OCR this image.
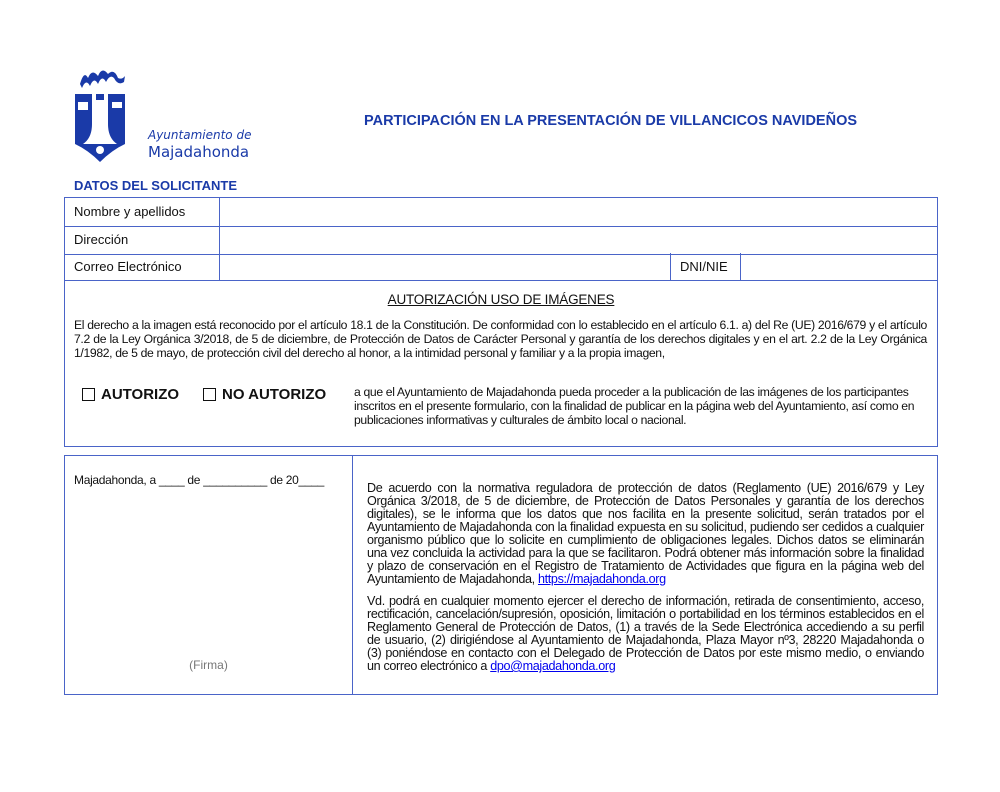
Ayuntamiento de
Majadahonda
PARTICIPACIÓN EN LA PRESENTACIÓN DE VILLANCICOS NAVIDEÑOS
DATOS DEL SOLICITANTE
Nombre y apellidos
Dirección
Correo Electrónico	DNI/NIE
AUTORIZACIÓN USO DE IMÁGENES
El derecho a la imagen está reconocido por el artículo 18.1 de la Constitución. De conformidad con lo establecido en el artículo 6.1. a) del Re (UE) 2016/679 y el artículo 7.2 de la Ley Orgánica 3/2018, de 5 de diciembre, de Protección de Datos de Carácter Personal y garantía de los derechos digitales y en el art. 2.2 de la Ley Orgánica 1/1982, de 5 de mayo, de protección civil del derecho al honor, a la intimidad personal y familiar y a la propia imagen,
AUTORIZO	NO AUTORIZO a que el Ayuntamiento de Majadahonda pueda proceder a la publicación de las imágenes de los participantes inscritos en el presente formulario, con la finalidad de publicar en la página web del Ayuntamiento, así como en publicaciones informativas y culturales de ámbito local o nacional.
Majadahonda, a ____ de __________ de 20____
(Firma)
De acuerdo con la normativa reguladora de protección de datos (Reglamento (UE) 2016/679 y Ley Orgánica 3/2018, de 5 de diciembre, de Protección de Datos Personales y garantía de los derechos digitales), se le informa que los datos que nos facilita en la presente solicitud, serán tratados por el Ayuntamiento de Majadahonda con la finalidad expuesta en su solicitud, pudiendo ser cedidos a cualquier organismo público que lo solicite en cumplimiento de obligaciones legales. Dichos datos se eliminarán una vez concluida la actividad para la que se facilitaron. Podrá obtener más información sobre la finalidad y plazo de conservación en el Registro de Tratamiento de Actividades que figura en la página web del Ayuntamiento de Majadahonda, https://majadahonda.org
Vd. podrá en cualquier momento ejercer el derecho de información, retirada de consentimiento, acceso, rectificación, cancelación/supresión, oposición, limitación o portabilidad en los términos establecidos en el Reglamento General de Protección de Datos, (1) a través de la Sede Electrónica accediendo a su perfil de usuario, (2) dirigiéndose al Ayuntamiento de Majadahonda, Plaza Mayor nº3, 28220 Majadahonda o (3) poniéndose en contacto con el Delegado de Protección de Datos por este mismo medio, o enviando un correo electrónico a dpo@majadahonda.org
